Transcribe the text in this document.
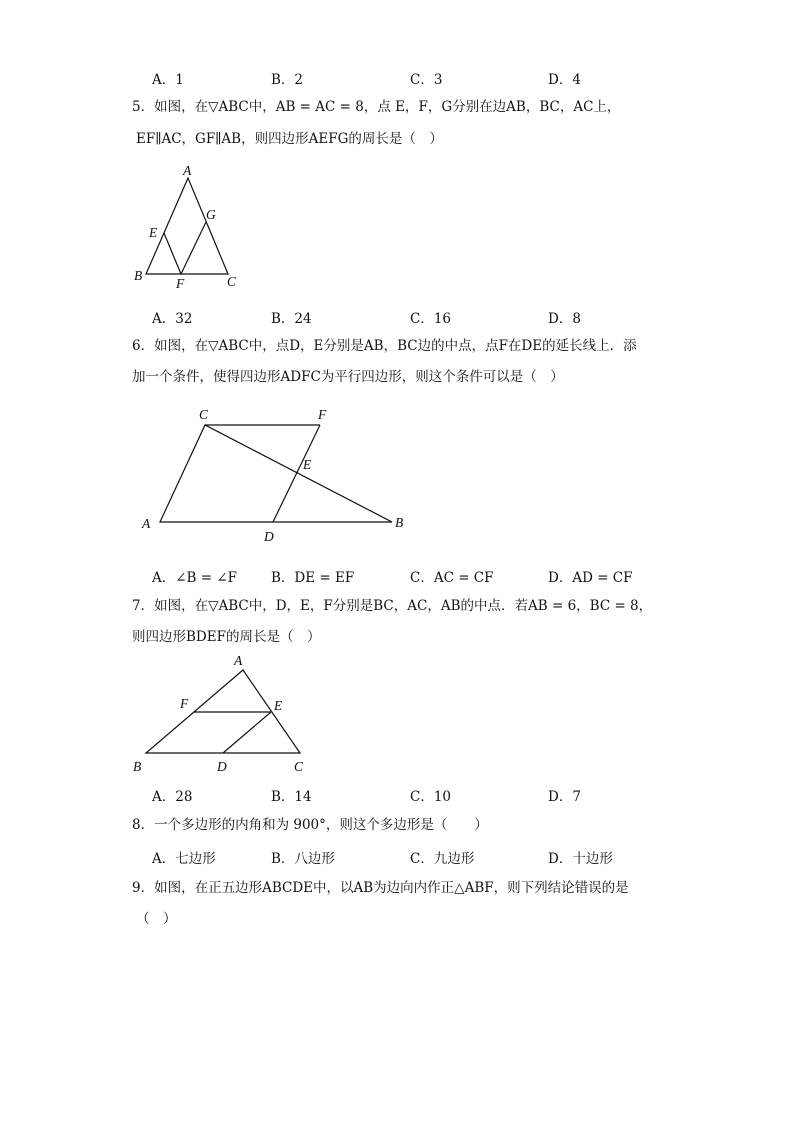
A．1	B．2	C．3	D．4
5．如图，在▽ABC中，AB = AC = 8，点 E，F，G分别在边AB，BC，AC上，
EF∥AC，GF∥AB，则四边形AEFG的周长是（　）
A
G
E
B
F	C
A．32	B．24	C．16	D．8
6．如图，在▽ABC中，点D，E分别是AB，BC边的中点，点F在DE的延长线上．添
加一个条件，使得四边形ADFC为平行四边形，则这个条件可以是（　）
C	F
E
A
D
B
A．∠B = ∠F	B．DE = EF	C．AC = CF	D．AD = CF
7．如图，在▽ABC中，D，E，F分别是BC，AC，AB的中点．若AB = 6，BC = 8，
则四边形BDEF的周长是（　）
A
F	E
B	D	C
A．28	B．14	C．10	D．7
8．一个多边形的内角和为 900°，则这个多边形是（　　）
A．七边形	B．八边形	C．九边形	D．十边形
9．如图，在正五边形ABCDE中，以AB为边向内作正△ABF，则下列结论错误的是
（　）
